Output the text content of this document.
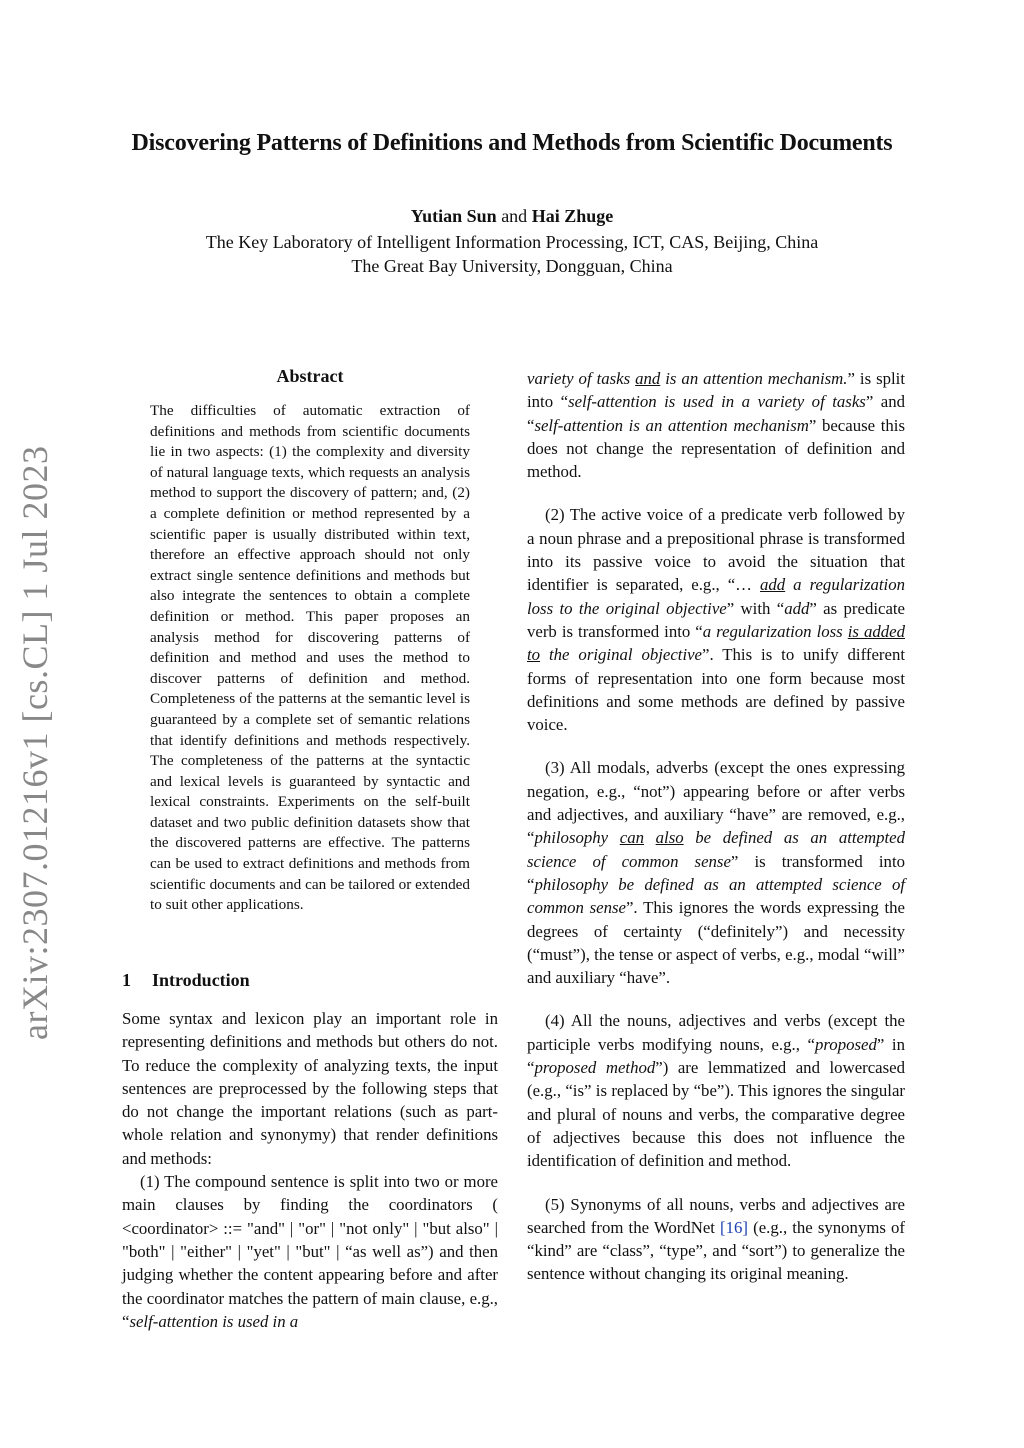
Discovering Patterns of Definitions and Methods from Scientific Documents
Yutian Sun and Hai Zhuge
The Key Laboratory of Intelligent Information Processing, ICT, CAS, Beijing, China
The Great Bay University, Dongguan, China
arXiv:2307.01216v1 [cs.CL] 1 Jul 2023
Abstract
The difficulties of automatic extraction of definitions and methods from scientific documents lie in two aspects: (1) the complexity and diversity of natural language texts, which requests an analysis method to support the discovery of pattern; and, (2) a complete definition or method represented by a scientific paper is usually distributed within text, therefore an effective approach should not only extract single sentence definitions and methods but also integrate the sentences to obtain a complete definition or method. This paper proposes an analysis method for discovering patterns of definition and method and uses the method to discover patterns of definition and method. Completeness of the patterns at the semantic level is guaranteed by a complete set of semantic relations that identify definitions and methods respectively. The completeness of the patterns at the syntactic and lexical levels is guaranteed by syntactic and lexical constraints. Experiments on the self-built dataset and two public definition datasets show that the discovered patterns are effective. The patterns can be used to extract definitions and methods from scientific documents and can be tailored or extended to suit other applications.
1 Introduction

Some syntax and lexicon play an important role in representing definitions and methods but others do not. To reduce the complexity of analyzing texts, the input sentences are preprocessed by the following steps that do not change the important relations (such as part-whole relation and synonymy) that render definitions and methods:

(1) The compound sentence is split into two or more main clauses by finding the coordinators ( <coordinator> ::= "and" | "or" | "not only" | "but also" | "both" | "either" | "yet" | "but" | “as well as”) and then judging whether the content appearing before and after the coordinator matches the pattern of main clause, e.g., “self-attention is used in a

variety of tasks and is an attention mechanism.” is split into “self-attention is used in a variety of tasks” and “self-attention is an attention mechanism” because this does not change the representation of definition and method.

(2) The active voice of a predicate verb followed by a noun phrase and a prepositional phrase is transformed into its passive voice to avoid the situation that identifier is separated, e.g., “… add a regularization loss to the original objective” with “add” as predicate verb is transformed into “a regularization loss is added to the original objective”. This is to unify different forms of representation into one form because most definitions and some methods are defined by passive voice.

(3) All modals, adverbs (except the ones expressing negation, e.g., “not”) appearing before or after verbs and adjectives, and auxiliary “have” are removed, e.g., “philosophy can also be defined as an attempted science of common sense” is transformed into “philosophy be defined as an attempted science of common sense”. This ignores the words expressing the degrees of certainty (“definitely”) and necessity (“must”), the tense or aspect of verbs, e.g., modal “will” and auxiliary “have”.

(4) All the nouns, adjectives and verbs (except the participle verbs modifying nouns, e.g., “proposed” in “proposed method”) are lemmatized and lowercased (e.g., “is” is replaced by “be”). This ignores the singular and plural of nouns and verbs, the comparative degree of adjectives because this does not influence the identification of definition and method.

(5) Synonyms of all nouns, verbs and adjectives are searched from the WordNet [16] (e.g., the synonyms of “kind” are “class”, “type”, and “sort”) to generalize the sentence without changing its original meaning.
